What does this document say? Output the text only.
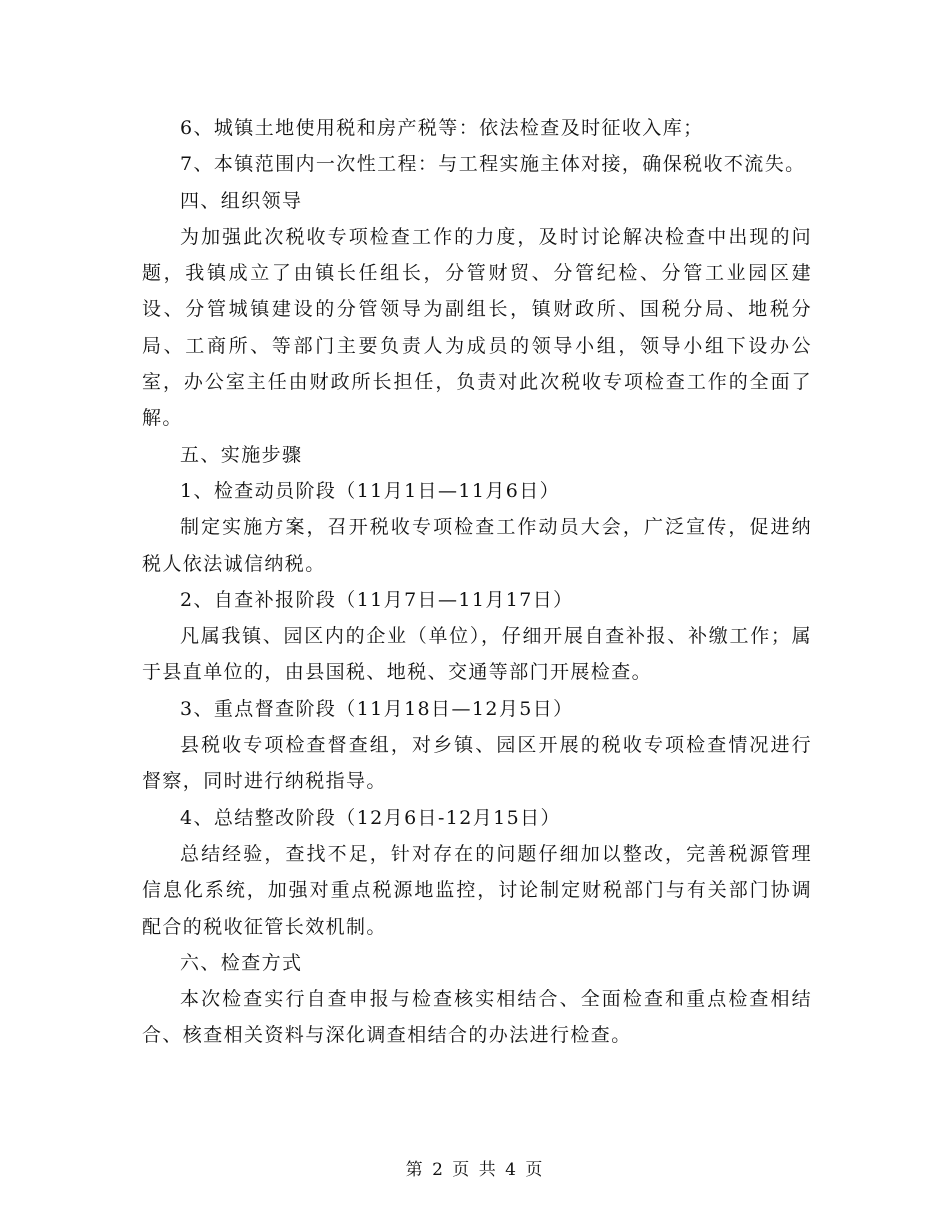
6、城镇土地使用税和房产税等：依法检查及时征收入库；

7、本镇范围内一次性工程：与工程实施主体对接，确保税收不流失。

四、组织领导

为加强此次税收专项检查工作的力度，及时讨论解决检查中出现的问题，我镇成立了由镇长任组长，分管财贸、分管纪检、分管工业园区建设、分管城镇建设的分管领导为副组长，镇财政所、国税分局、地税分局、工商所、等部门主要负责人为成员的领导小组，领导小组下设办公室，办公室主任由财政所长担任，负责对此次税收专项检查工作的全面了解。

五、实施步骤

1、检查动员阶段（11月1日—11月6日）

制定实施方案，召开税收专项检查工作动员大会，广泛宣传，促进纳税人依法诚信纳税。

2、自查补报阶段（11月7日—11月17日）

凡属我镇、园区内的企业（单位），仔细开展自查补报、补缴工作；属于县直单位的，由县国税、地税、交通等部门开展检查。

3、重点督查阶段（11月18日—12月5日）

县税收专项检查督查组，对乡镇、园区开展的税收专项检查情况进行督察，同时进行纳税指导。

4、总结整改阶段（12月6日-12月15日）

总结经验，查找不足，针对存在的问题仔细加以整改，完善税源管理信息化系统，加强对重点税源地监控，讨论制定财税部门与有关部门协调配合的税收征管长效机制。

六、检查方式

本次检查实行自查申报与检查核实相结合、全面检查和重点检查相结合、核查相关资料与深化调查相结合的办法进行检查。

第 2 页 共 4 页
